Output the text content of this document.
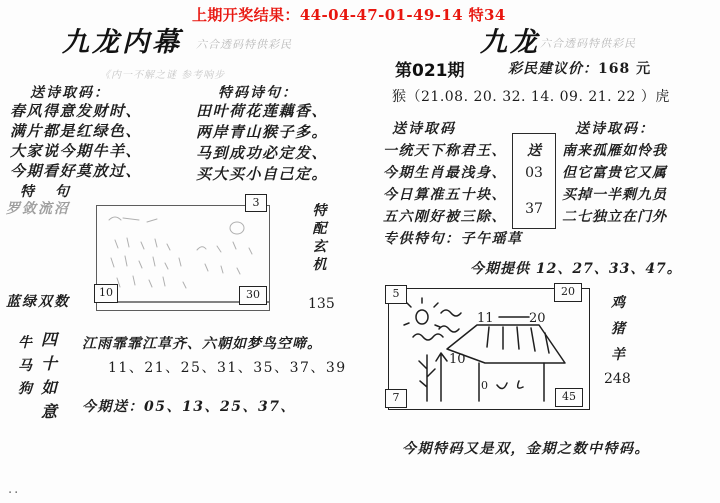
上期开奖结果：44-04-47-01-49-14 特34
九龙内幕 六合透码特供彩民
《内一不解之谜 参考响步
送诗取码：
春风得意发财时、
满片都是红绿色、
大家说今期牛羊、
今期看好莫放过、
特 句
罗敛流沼
特码诗句：
田叶荷花莲藕香、
两岸青山猴子多。
马到成功必定发、
买大买小自己定。
10
3
30
特
配
玄
机
135
蓝绿双数
牛
马
狗
四
十
如
意
江雨霏霏江草齐、六朝如梦鸟空啼。
11、21、25、31、35、37、39
今期送：05、13、25、37、
..
九龙 六合透码特供彩民
第021期	彩民建议价：168 元
猴（21.08. 20. 32. 14. 09. 21. 22 ）虎
送诗取码
一统天下称君王、
今期生肖最浅身、
今日算准五十块、
五六刚好被三除、
专供特句：子午瑶草
送
03
37
送诗取码：
南来孤雁如怜我
但它富贵它又属
买掉一半剩九员
二七独立在门外
今期提供 12、27、33、47。
10
11	20
0
5	20
7	45
鸡
猪
羊
248
今期特码又是双，金期之数中特码。
